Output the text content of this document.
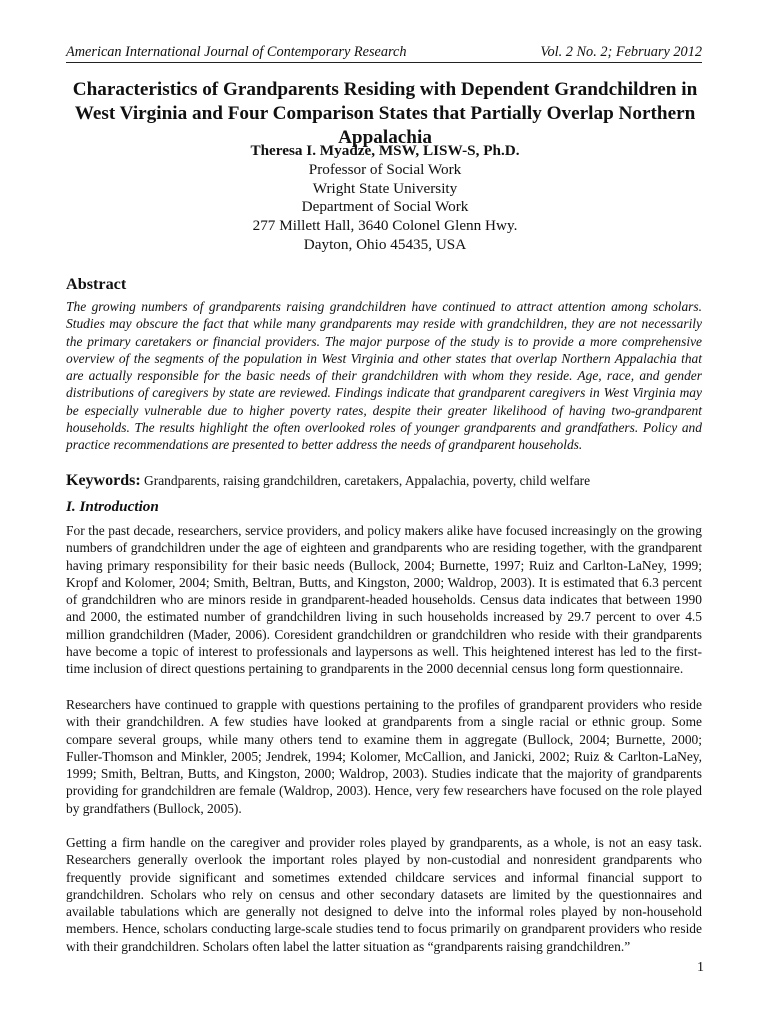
American International Journal of Contemporary Research	Vol. 2 No. 2; February 2012
Characteristics of Grandparents Residing with Dependent Grandchildren in West Virginia and Four Comparison States that Partially Overlap Northern Appalachia
Theresa I. Myadze, MSW, LISW-S, Ph.D.
Professor of Social Work
Wright State University
Department of Social Work
277 Millett Hall, 3640 Colonel Glenn Hwy.
Dayton, Ohio 45435, USA
Abstract

The growing numbers of grandparents raising grandchildren have continued to attract attention among scholars. Studies may obscure the fact that while many grandparents may reside with grandchildren, they are not necessarily the primary caretakers or financial providers. The major purpose of the study is to provide a more comprehensive overview of the segments of the population in West Virginia and other states that overlap Northern Appalachia that are actually responsible for the basic needs of their grandchildren with whom they reside. Age, race, and gender distributions of caregivers by state are reviewed. Findings indicate that grandparent caregivers in West Virginia may be especially vulnerable due to higher poverty rates, despite their greater likelihood of having two-grandparent households. The results highlight the often overlooked roles of younger grandparents and grandfathers. Policy and practice recommendations are presented to better address the needs of grandparent households.

Keywords: Grandparents, raising grandchildren, caretakers, Appalachia, poverty, child welfare
I. Introduction

For the past decade, researchers, service providers, and policy makers alike have focused increasingly on the growing numbers of grandchildren under the age of eighteen and grandparents who are residing together, with the grandparent having primary responsibility for their basic needs (Bullock, 2004; Burnette, 1997; Ruiz and Carlton-LaNey, 1999; Kropf and Kolomer, 2004; Smith, Beltran, Butts, and Kingston, 2000; Waldrop, 2003). It is estimated that 6.3 percent of grandchildren who are minors reside in grandparent-headed households. Census data indicates that between 1990 and 2000, the estimated number of grandchildren living in such households increased by 29.7 percent to over 4.5 million grandchildren (Mader, 2006). Coresident grandchildren or grandchildren who reside with their grandparents have become a topic of interest to professionals and laypersons as well. This heightened interest has led to the first-time inclusion of direct questions pertaining to grandparents in the 2000 decennial census long form questionnaire.

Researchers have continued to grapple with questions pertaining to the profiles of grandparent providers who reside with their grandchildren. A few studies have looked at grandparents from a single racial or ethnic group. Some compare several groups, while many others tend to examine them in aggregate (Bullock, 2004; Burnette, 2000; Fuller-Thomson and Minkler, 2005; Jendrek, 1994; Kolomer, McCallion, and Janicki, 2002; Ruiz & Carlton-LaNey, 1999; Smith, Beltran, Butts, and Kingston, 2000; Waldrop, 2003). Studies indicate that the majority of grandparents providing for grandchildren are female (Waldrop, 2003). Hence, very few researchers have focused on the role played by grandfathers (Bullock, 2005).

Getting a firm handle on the caregiver and provider roles played by grandparents, as a whole, is not an easy task. Researchers generally overlook the important roles played by non-custodial and nonresident grandparents who frequently provide significant and sometimes extended childcare services and informal financial support to grandchildren. Scholars who rely on census and other secondary datasets are limited by the questionnaires and available tabulations which are generally not designed to delve into the informal roles played by non-household members. Hence, scholars conducting large-scale studies tend to focus primarily on grandparent providers who reside with their grandchildren. Scholars often label the latter situation as “grandparents raising grandchildren.”

1
